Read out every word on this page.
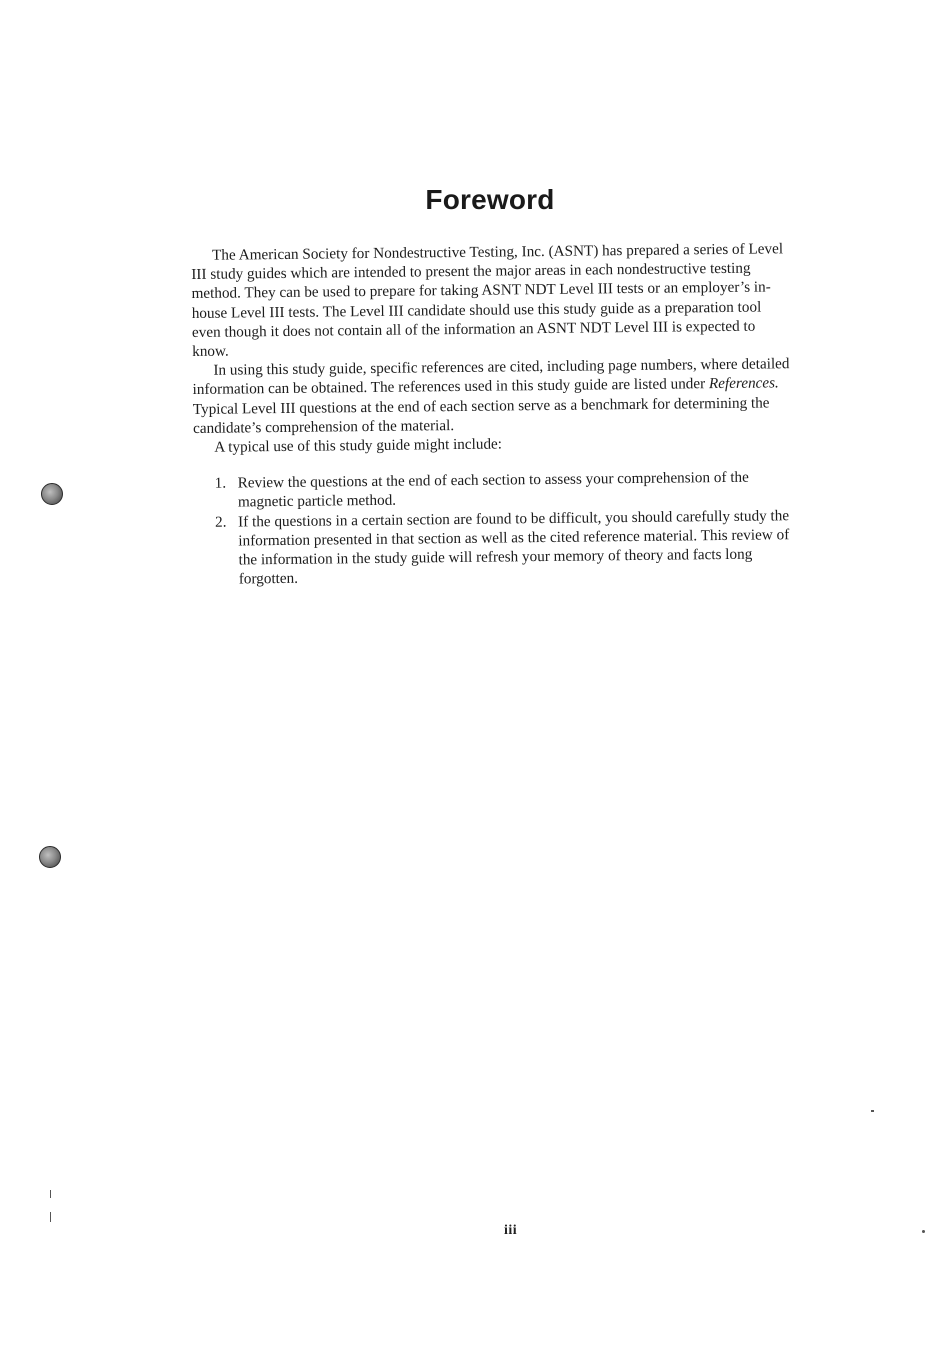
Foreword

The American Society for Nondestructive Testing, Inc. (ASNT) has prepared a series of Level III study guides which are intended to present the major areas in each nondestructive testing method. They can be used to prepare for taking ASNT NDT Level III tests or an employer’s in-house Level III tests. The Level III candidate should use this study guide as a preparation tool even though it does not contain all of the information an ASNT NDT Level III is expected to know.

In using this study guide, specific references are cited, including page numbers, where detailed information can be obtained. The references used in this study guide are listed under References. Typical Level III questions at the end of each section serve as a benchmark for determining the candidate’s comprehension of the material.

A typical use of this study guide might include:

1. Review the questions at the end of each section to assess your comprehension of the magnetic particle method.
2. If the questions in a certain section are found to be difficult, you should carefully study the information presented in that section as well as the cited reference material. This review of the information in the study guide will refresh your memory of theory and facts long forgotten.
iii
